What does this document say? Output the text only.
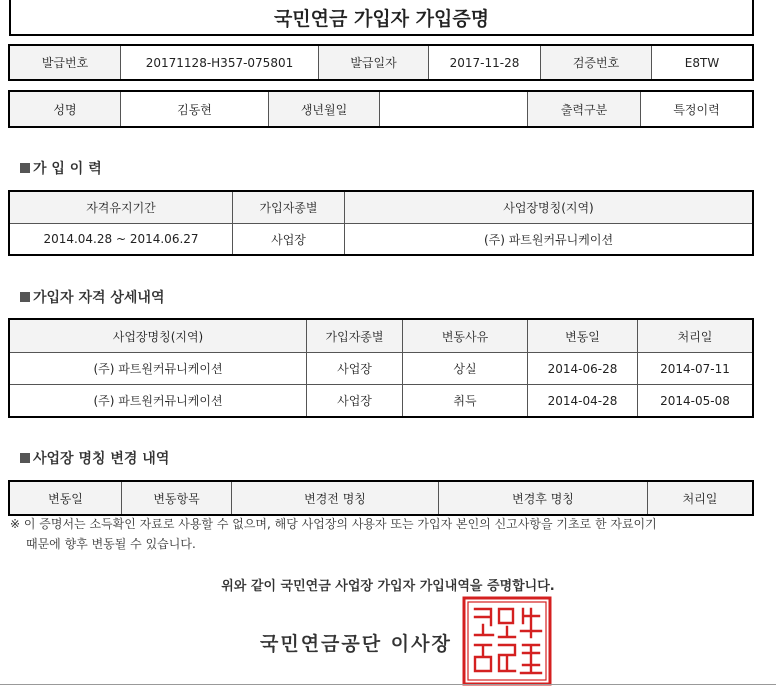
국민연금 가입자 가입증명
발급번호	20171128-H357-075801	발급일자	2017-11-28	검증번호	E8TW
성명	김동현	생년월일		출력구분	특정이력
가 입 이 력
자격유지기간	가입자종별	사업장명칭(지역)
2014.04.28 ~ 2014.06.27	사업장	(주) 파트원커뮤니케이션
가입자 자격 상세내역
사업장명칭(지역)	가입자종별	변동사유	변동일	처리일
(주) 파트원커뮤니케이션	사업장	상실	2014-06-28	2014-07-11
(주) 파트원커뮤니케이션	사업장	취득	2014-04-28	2014-05-08
사업장 명칭 변경 내역
변동일	변동항목	변경전 명칭	변경후 명칭	처리일
※ 이 증명서는 소득확인 자료로 사용할 수 없으며, 해당 사업장의 사용자 또는 가입자 본인의 신고사항을 기초로 한 자료이기
때문에 향후 변동될 수 있습니다.
위와 같이 국민연금 사업장 가입자 가입내역을 증명합니다.
국민연금공단 이사장
